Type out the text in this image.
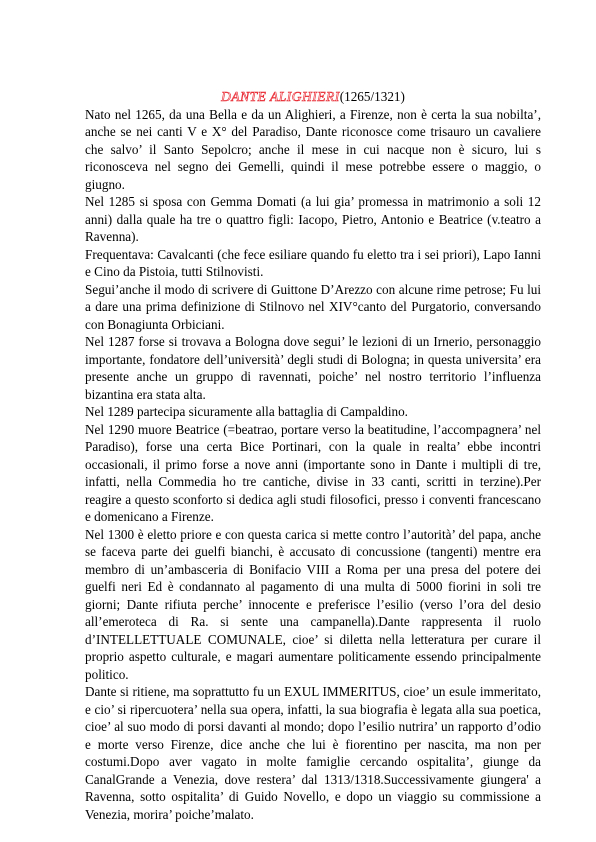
DANTE ALIGHIERI(1265/1321)

Nato nel 1265, da una Bella e da un Alighieri, a Firenze, non è certa la sua nobilta’, anche se nei canti V e X° del Paradiso, Dante riconosce come trisauro un cavaliere che salvo’ il Santo Sepolcro; anche il mese in cui nacque non è sicuro, lui s riconosceva nel segno dei Gemelli, quindi il mese potrebbe essere o maggio, o giugno.

Nel 1285 si sposa con Gemma Domati (a lui gia’ promessa in matrimonio a soli 12 anni) dalla quale ha tre o quattro figli: Iacopo, Pietro, Antonio e Beatrice (v.teatro a Ravenna).

Frequentava: Cavalcanti (che fece esiliare quando fu eletto tra i sei priori), Lapo Ianni e Cino da Pistoia, tutti Stilnovisti.

Segui’anche il modo di scrivere di Guittone D’Arezzo con alcune rime petrose; Fu lui a dare una prima definizione di Stilnovo nel XIV°canto del Purgatorio, conversando con Bonagiunta Orbiciani.

Nel 1287 forse si trovava a Bologna dove segui’ le lezioni di un Irnerio, personaggio importante, fondatore dell’università’ degli studi di Bologna; in questa universita’ era presente anche un gruppo di ravennati, poiche’ nel nostro territorio l’influenza bizantina era stata alta.

Nel 1289 partecipa sicuramente alla battaglia di Campaldino.

Nel 1290 muore Beatrice (=beatrao, portare verso la beatitudine, l’accompagnera’ nel Paradiso), forse una certa Bice Portinari, con la quale in realta’ ebbe incontri occasionali, il primo forse a nove anni (importante sono in Dante i multipli di tre, infatti, nella Commedia ho tre cantiche, divise in 33 canti, scritti in terzine).Per reagire a questo sconforto si dedica agli studi filosofici, presso i conventi francescano e domenicano a Firenze.

Nel 1300 è eletto priore e con questa carica si mette contro l’autorità’ del papa, anche se faceva parte dei guelfi bianchi, è accusato di concussione (tangenti) mentre era membro di un’ambasceria di Bonifacio VIII a Roma per una presa del potere dei guelfi neri Ed è condannato al pagamento di una multa di 5000 fiorini in soli tre giorni; Dante rifiuta perche’ innocente e preferisce l’esilio (verso l’ora del desio all’emeroteca di Ra. si sente una campanella).Dante rappresenta il ruolo d’INTELLETTUALE COMUNALE, cioe’ si diletta nella letteratura per curare il proprio aspetto culturale, e magari aumentare politicamente essendo principalmente politico.

Dante si ritiene, ma soprattutto fu un EXUL IMMERITUS, cioe’ un esule immeritato, e cio’ si ripercuotera’ nella sua opera, infatti, la sua biografia è legata alla sua poetica, cioe’ al suo modo di porsi davanti al mondo; dopo l’esilio nutrira’ un rapporto d’odio e morte verso Firenze, dice anche che lui è fiorentino per nascita, ma non per costumi.Dopo aver vagato in molte famiglie cercando ospitalita’, giunge da CanalGrande a Venezia, dove restera’ dal 1313/1318.Successivamente giungera' a Ravenna, sotto ospitalita’ di Guido Novello, e dopo un viaggio su commissione a Venezia, morira’ poiche’malato.
